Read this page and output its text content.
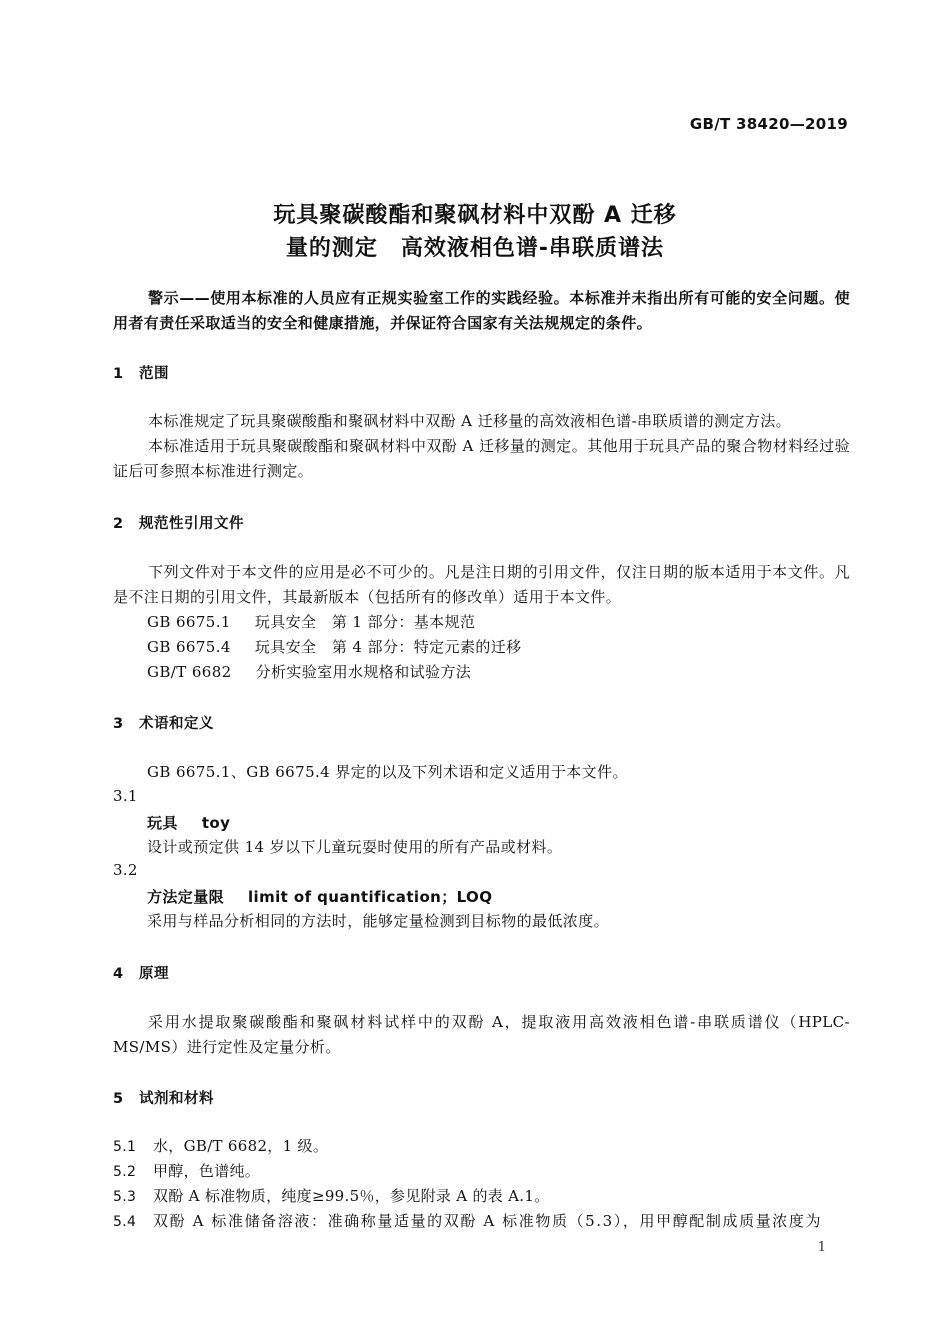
GB/T 38420—2019
玩具聚碳酸酯和聚砜材料中双酚 A 迁移
量的测定　高效液相色谱-串联质谱法
警示——使用本标准的人员应有正规实验室工作的实践经验。本标准并未指出所有可能的安全问题。使用者有责任采取适当的安全和健康措施，并保证符合国家有关法规规定的条件。
1 范围
本标准规定了玩具聚碳酸酯和聚砜材料中双酚 A 迁移量的高效液相色谱-串联质谱的测定方法。
本标准适用于玩具聚碳酸酯和聚砜材料中双酚 A 迁移量的测定。其他用于玩具产品的聚合物材料经过验证后可参照本标准进行测定。
2 规范性引用文件
下列文件对于本文件的应用是必不可少的。凡是注日期的引用文件，仅注日期的版本适用于本文件。凡是不注日期的引用文件，其最新版本（包括所有的修改单）适用于本文件。
GB 6675.1 玩具安全　第 1 部分：基本规范
GB 6675.4 玩具安全　第 4 部分：特定元素的迁移
GB/T 6682 分析实验室用水规格和试验方法
3 术语和定义
GB 6675.1、GB 6675.4 界定的以及下列术语和定义适用于本文件。
3.1
玩具 toy
设计或预定供 14 岁以下儿童玩耍时使用的所有产品或材料。
3.2
方法定量限 limit of quantification；LOQ
采用与样品分析相同的方法时，能够定量检测到目标物的最低浓度。
4 原理
采用水提取聚碳酸酯和聚砜材料试样中的双酚 A，提取液用高效液相色谱-串联质谱仪（HPLC-MS/MS）进行定性及定量分析。
5 试剂和材料
5.1 水，GB/T 6682，1 级。
5.2 甲醇，色谱纯。
5.3 双酚 A 标准物质，纯度≥99.5％，参见附录 A 的表 A.1。
5.4 双酚 A 标准储备溶液：准确称量适量的双酚 A 标准物质（5.3），用甲醇配制成质量浓度为
1
